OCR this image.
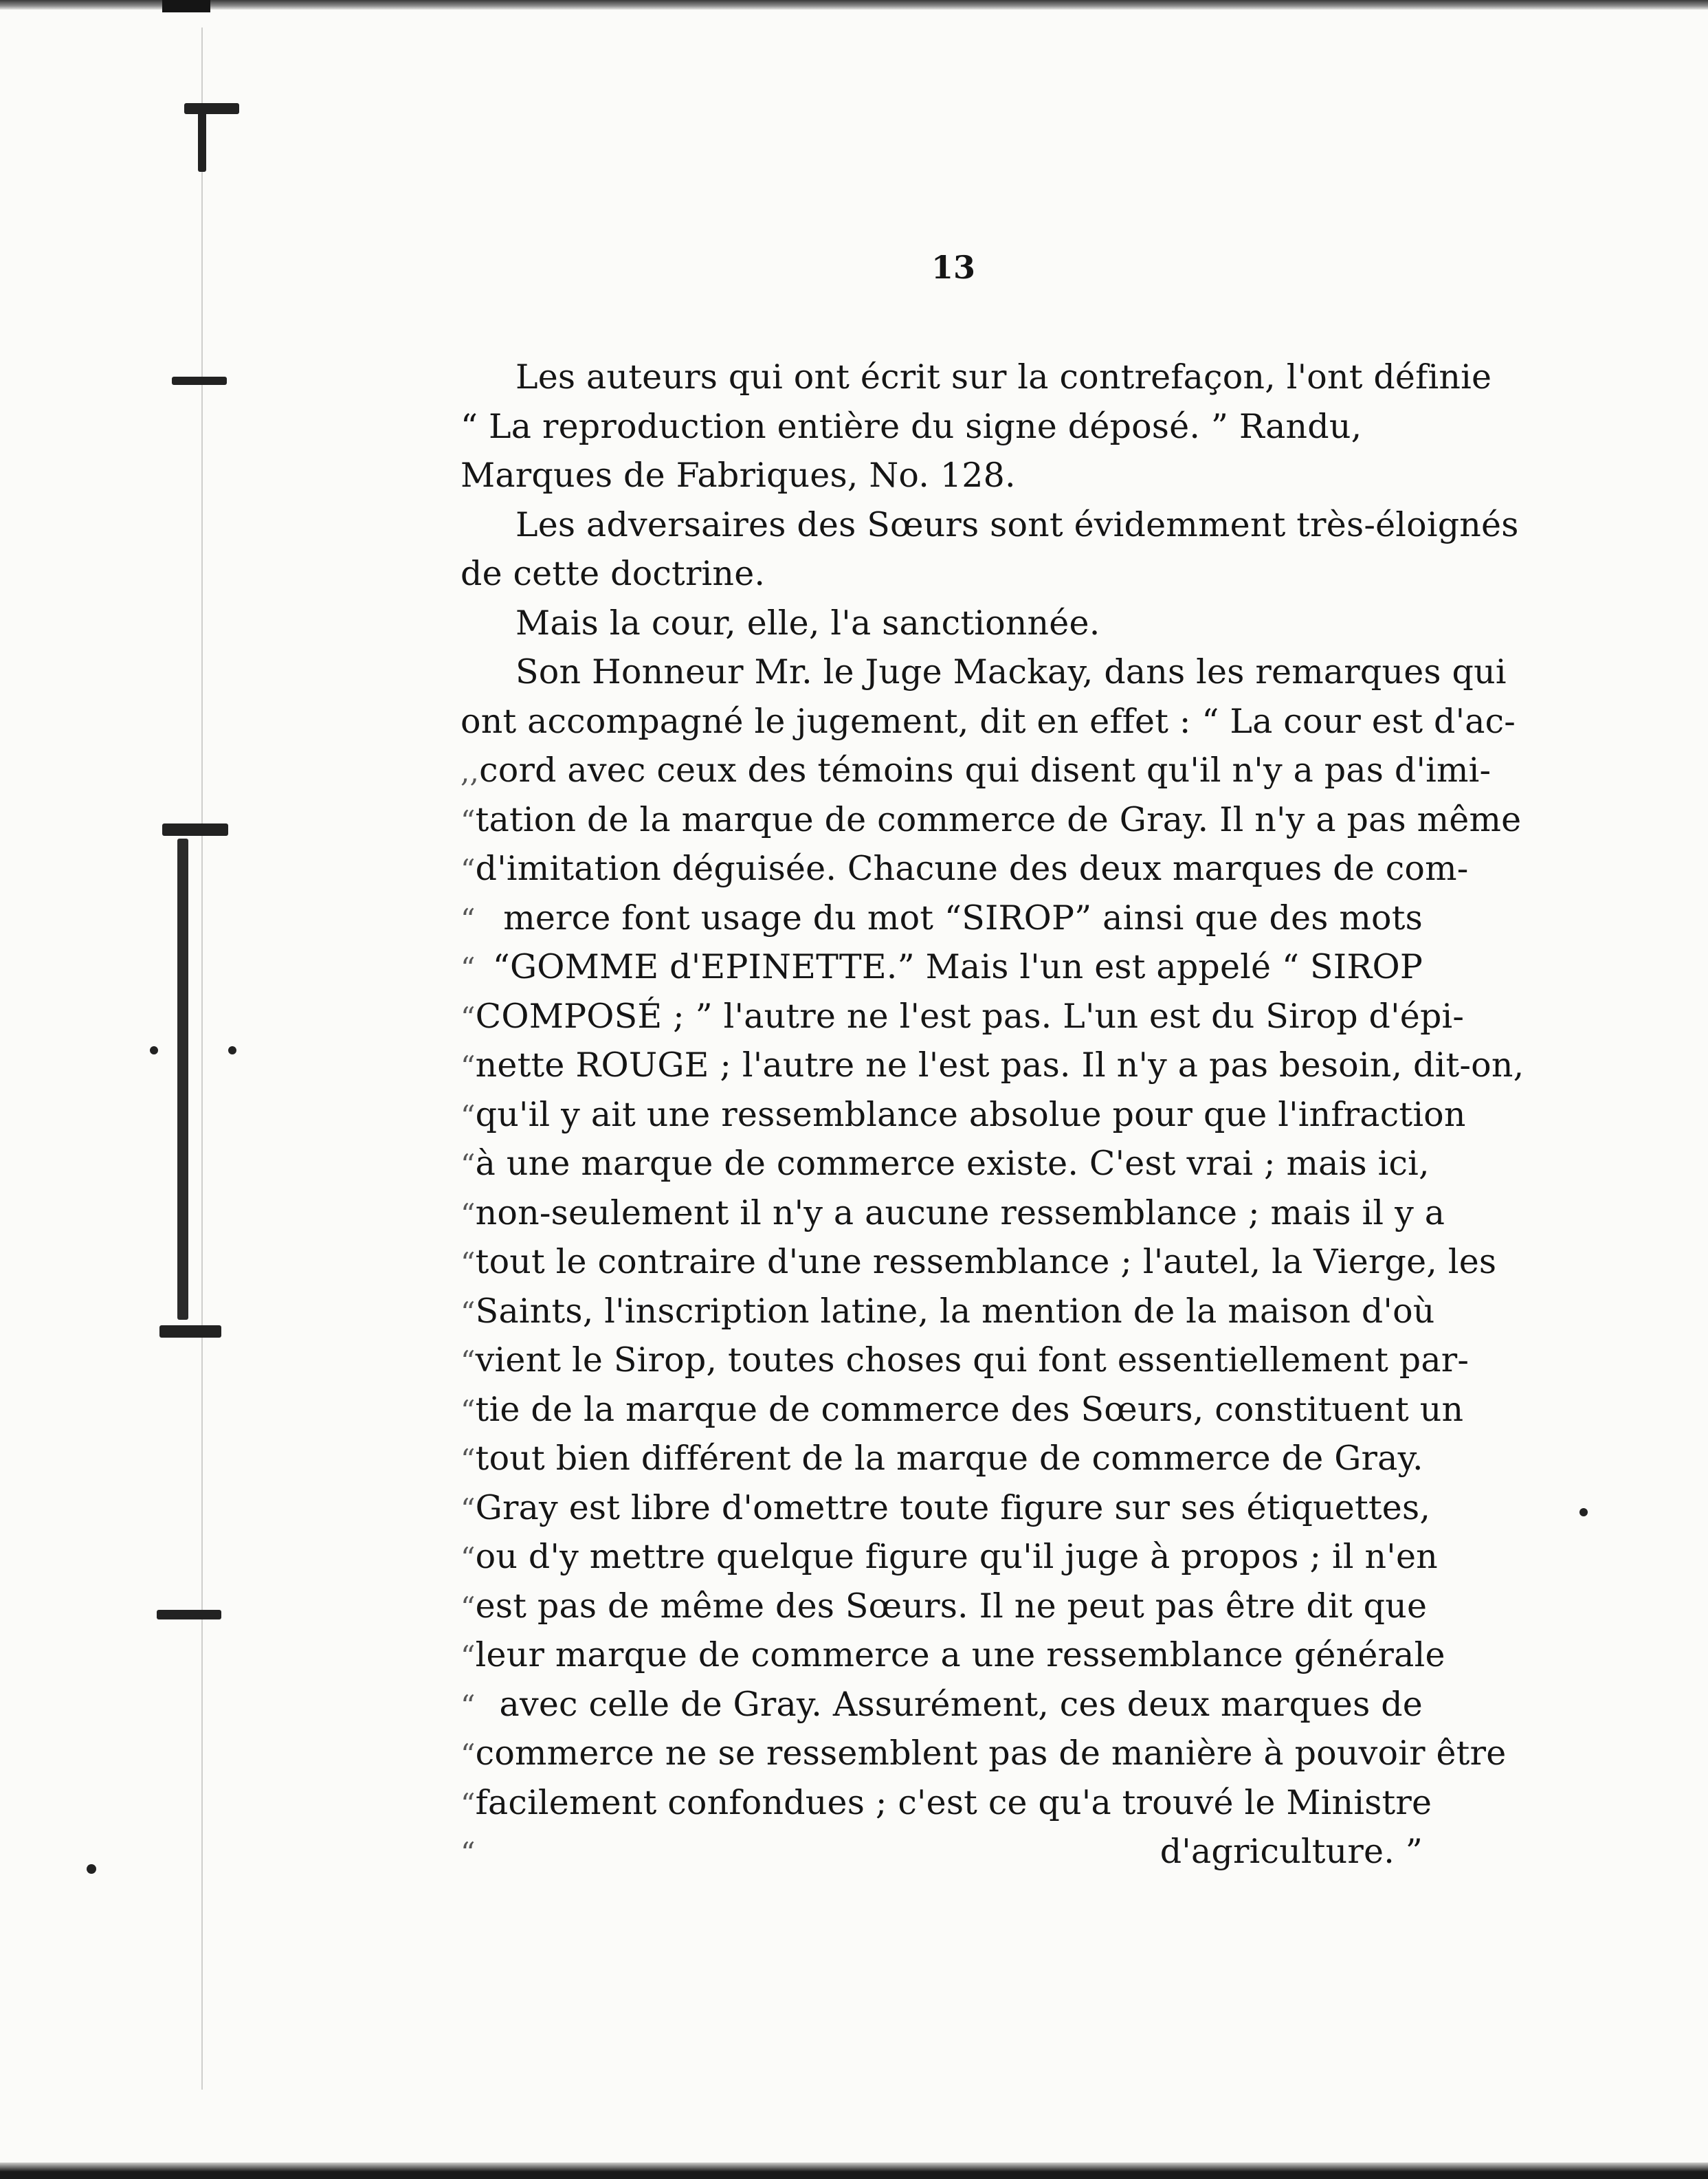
13
Les auteurs qui ont écrit sur la contrefaçon, l'ont définie
“ La reproduction entière du signe déposé. ” Randu,
Marques de Fabriques, No. 128.
Les adversaires des Sœurs sont évidemment très-éloignés
de cette doctrine.
Mais la cour, elle, l'a sanctionnée.
Son Honneur Mr. le Juge Mackay, dans les remarques qui
ont accompagné le jugement, dit en effet : “ La cour est d'ac-
,, cord avec ceux des témoins qui disent qu'il n'y a pas d'imi-
“ tation de la marque de commerce de Gray. Il n'y a pas même
“ d'imitation déguisée. Chacune des deux marques de com-
“ merce font usage du mot “SIROP” ainsi que des mots
“ “GOMME d'EPINETTE.” Mais l'un est appelé “ SIROP
“ COMPOSÉ ; ” l'autre ne l'est pas. L'un est du Sirop d'épi-
“ nette ROUGE ; l'autre ne l'est pas. Il n'y a pas besoin, dit-on,
“ qu'il y ait une ressemblance absolue pour que l'infraction
“ à une marque de commerce existe. C'est vrai ; mais ici,
“ non-seulement il n'y a aucune ressemblance ; mais il y a
“ tout le contraire d'une ressemblance ; l'autel, la Vierge, les
“ Saints, l'inscription latine, la mention de la maison d'où
“ vient le Sirop, toutes choses qui font essentiellement par-
“ tie de la marque de commerce des Sœurs, constituent un
“ tout bien différent de la marque de commerce de Gray.
“ Gray est libre d'omettre toute figure sur ses étiquettes,
“ ou d'y mettre quelque figure qu'il juge à propos ; il n'en
“ est pas de même des Sœurs. Il ne peut pas être dit que
“ leur marque de commerce a une ressemblance générale
“ avec celle de Gray. Assurément, ces deux marques de
“ commerce ne se ressemblent pas de manière à pouvoir être
“ facilement confondues ; c'est ce qu'a trouvé le Ministre
“	d'agriculture. ”
